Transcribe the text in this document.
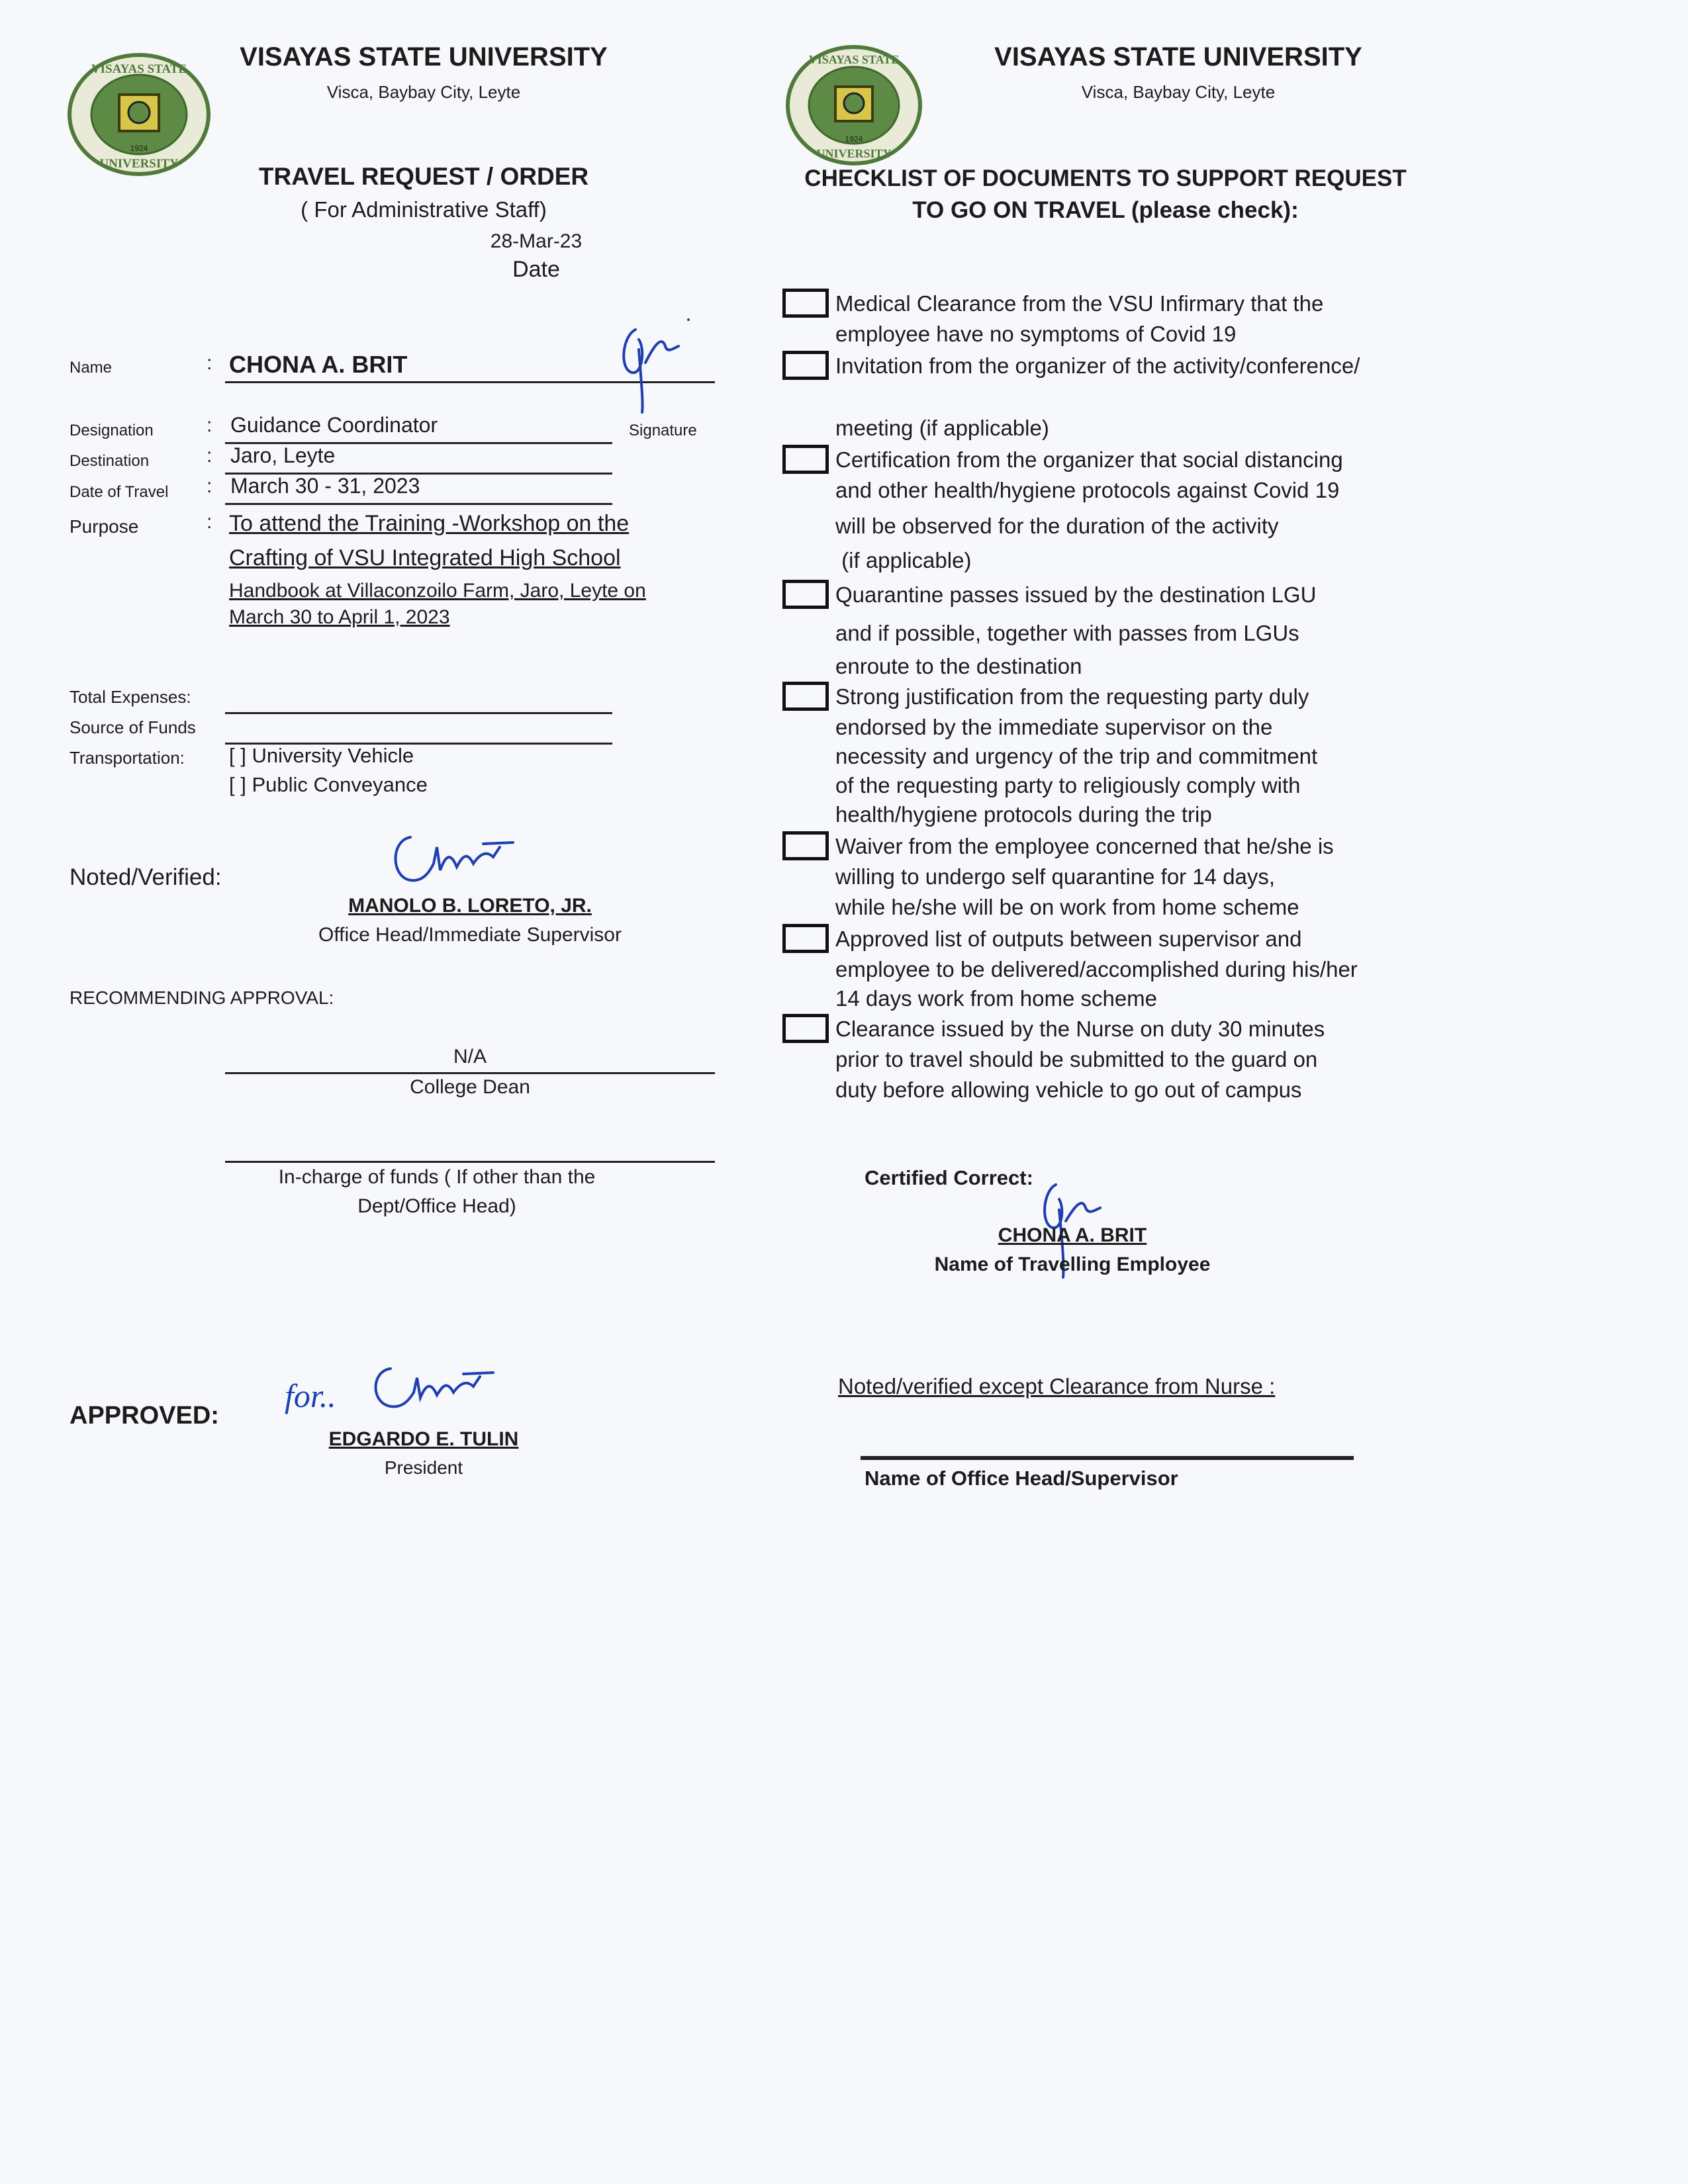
VISAYAS STATE
UNIVERSITY
1924
VISAYAS STATE UNIVERSITY
Visca, Baybay City, Leyte
TRAVEL REQUEST / ORDER
( For Administrative Staff)
28-Mar-23
Date
Name	: CHONA A. BRIT
Designation	: Guidance Coordinator	Signature
Destination	: Jaro, Leyte
Date of Travel : March 30 - 31, 2023
Purpose	: To attend the Training -Workshop on the
Crafting of VSU Integrated High School
Handbook at Villaconzoilo Farm, Jaro, Leyte on
March 30 to April 1, 2023
Total Expenses:
Source of Funds
Transportation: [ ] University Vehicle
[ ] Public Conveyance
Noted/Verified:
MANOLO B. LORETO, JR.
Office Head/Immediate Supervisor
RECOMMENDING APPROVAL:
N/A
College Dean
In-charge of funds ( If other than the
Dept/Office Head)
APPROVED:
for..
EDGARDO E. TULIN
President
VISAYAS STATE
UNIVERSITY
1924
VISAYAS STATE UNIVERSITY
Visca, Baybay City, Leyte
CHECKLIST OF DOCUMENTS TO SUPPORT REQUEST
TO GO ON TRAVEL (please check):
Medical Clearance from the VSU Infirmary that the
employee have no symptoms of Covid 19
Invitation from the organizer of the activity/conference/
meeting (if applicable)
Certification from the organizer that social distancing
and other health/hygiene protocols against Covid 19
will be observed for the duration of the activity
(if applicable)
Quarantine passes issued by the destination LGU
and if possible, together with passes from LGUs
enroute to the destination
Strong justification from the requesting party duly
endorsed by the immediate supervisor on the
necessity and urgency of the trip and commitment
of the requesting party to religiously comply with
health/hygiene protocols during the trip
Waiver from the employee concerned that he/she is
willing to undergo self quarantine for 14 days,
while he/she will be on work from home scheme
Approved list of outputs between supervisor and
employee to be delivered/accomplished during his/her
14 days work from home scheme
Clearance issued by the Nurse on duty 30 minutes
prior to travel should be submitted to the guard on
duty before allowing vehicle to go out of campus
Certified Correct:
CHONA A. BRIT
Name of Travelling Employee
Noted/verified except Clearance from Nurse :
Name of Office Head/Supervisor
